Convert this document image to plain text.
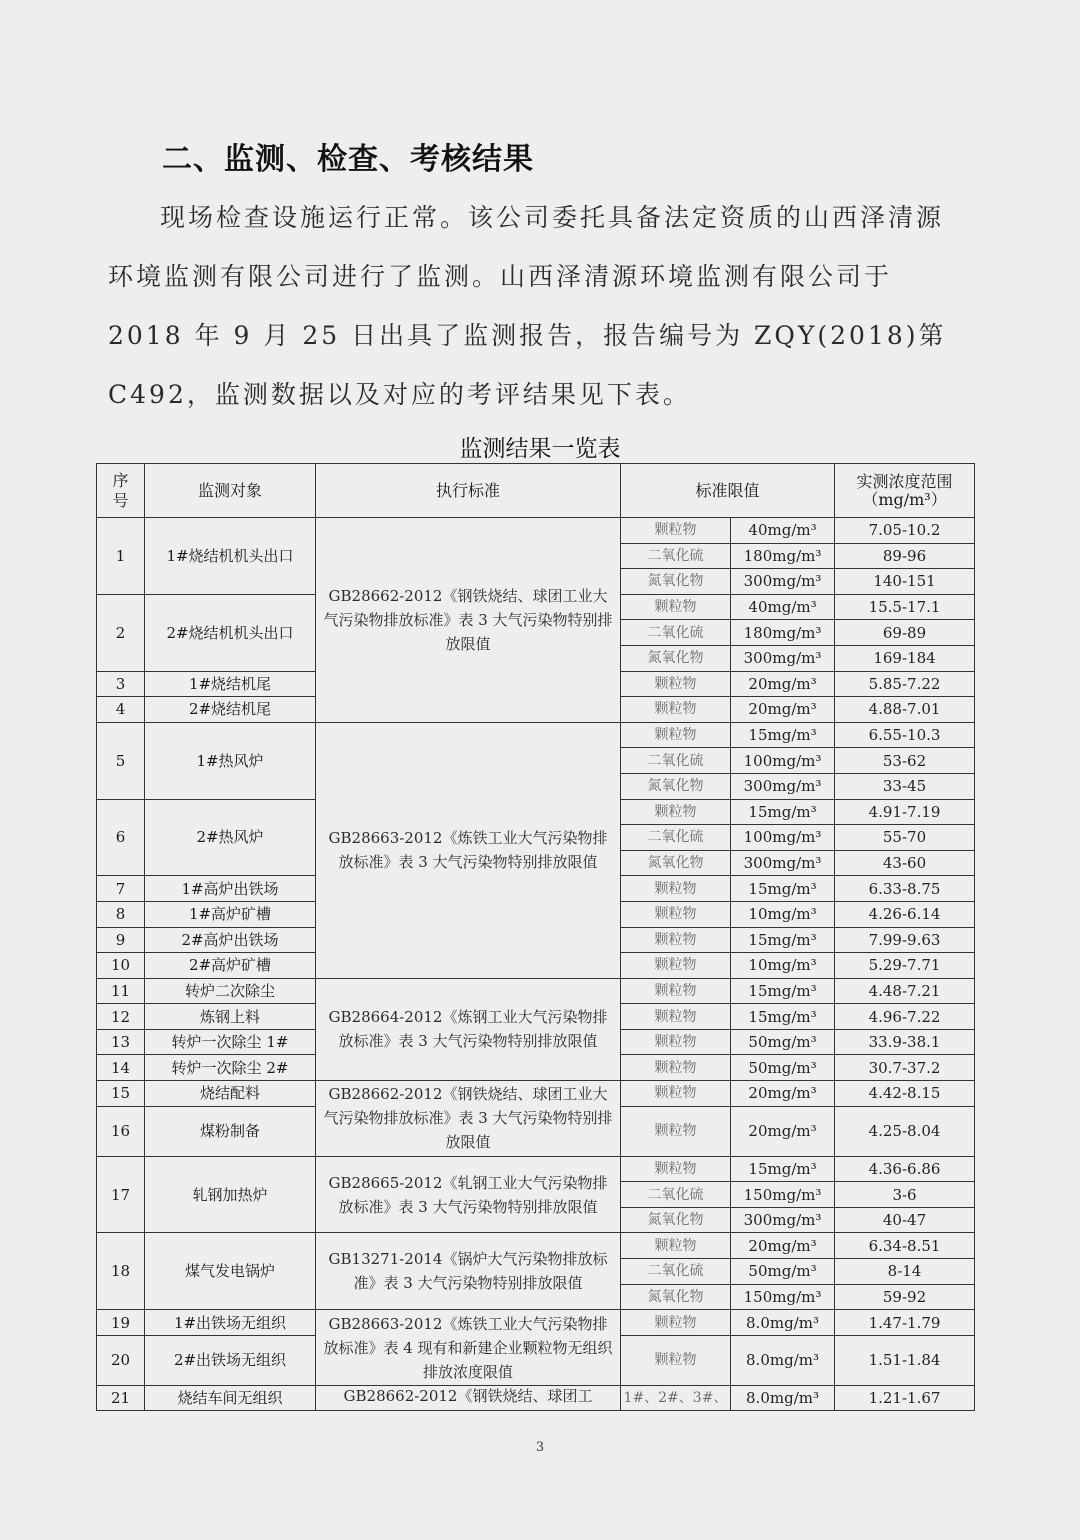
二、监测、检查、考核结果
现场检查设施运行正常。该公司委托具备法定资质的山西泽清源环境监测有限公司进行了监测。山西泽清源环境监测有限公司于 2018 年 9 月 25 日出具了监测报告，报告编号为 ZQY(2018)第 C492，监测数据以及对应的考评结果见下表。
监测结果一览表
序号	监测对象	执行标准	标准限值		实测浓度范围
（mg/m³）

1	1#烧结机机头出口	GB28662-2012《钢铁烧结、球团工业大气污染物排放标准》表 3 大气污染物特别排放限值	颗粒物	40mg/m³	7.05-10.2
			二氧化硫	180mg/m³	89-96
			氮氧化物	300mg/m³	140-151
2	2#烧结机机头出口		颗粒物	40mg/m³	15.5-17.1
			二氧化硫	180mg/m³	69-89
			氮氧化物	300mg/m³	169-184
3	1#烧结机尾		颗粒物	20mg/m³	5.85-7.22
4	2#烧结机尾		颗粒物	20mg/m³	4.88-7.01
5	1#热风炉	GB28663-2012《炼铁工业大气污染物排放标准》表 3 大气污染物特别排放限值	颗粒物	15mg/m³	6.55-10.3
			二氧化硫	100mg/m³	53-62
			氮氧化物	300mg/m³	33-45
6	2#热风炉		颗粒物	15mg/m³	4.91-7.19
			二氧化硫	100mg/m³	55-70
			氮氧化物	300mg/m³	43-60
7	1#高炉出铁场		颗粒物	15mg/m³	6.33-8.75
8	1#高炉矿槽		颗粒物	10mg/m³	4.26-6.14
9	2#高炉出铁场		颗粒物	15mg/m³	7.99-9.63
10	2#高炉矿槽		颗粒物	10mg/m³	5.29-7.71
11	转炉二次除尘	GB28664-2012《炼钢工业大气污染物排放标准》表 3 大气污染物特别排放限值	颗粒物	15mg/m³	4.48-7.21
12	炼钢上料		颗粒物	15mg/m³	4.96-7.22
13	转炉一次除尘 1#		颗粒物	50mg/m³	33.9-38.1
14	转炉一次除尘 2#		颗粒物	50mg/m³	30.7-37.2
15	烧结配料	GB28662-2012《钢铁烧结、球团工业大气污染物排放标准》表 3 大气污染物特别排放限值	颗粒物	20mg/m³	4.42-8.15
16	煤粉制备		颗粒物	20mg/m³	4.25-8.04
17	轧钢加热炉	GB28665-2012《轧钢工业大气污染物排放标准》表 3 大气污染物特别排放限值	颗粒物	15mg/m³	4.36-6.86
			二氧化硫	150mg/m³	3-6
			氮氧化物	300mg/m³	40-47
18	煤气发电锅炉	GB13271-2014《锅炉大气污染物排放标准》表 3 大气污染物特别排放限值	颗粒物	20mg/m³	6.34-8.51
			二氧化硫	50mg/m³	8-14
			氮氧化物	150mg/m³	59-92
19	1#出铁场无组织	GB28663-2012《炼铁工业大气污染物排放标准》表 4 现有和新建企业颗粒物无组织排放浓度限值	颗粒物	8.0mg/m³	1.47-1.79
20	2#出铁场无组织		颗粒物	8.0mg/m³	1.51-1.84
21	烧结车间无组织	GB28662-2012《钢铁烧结、球团工	1#、2#、3#、	8.0mg/m³	1.21-1.67
3
